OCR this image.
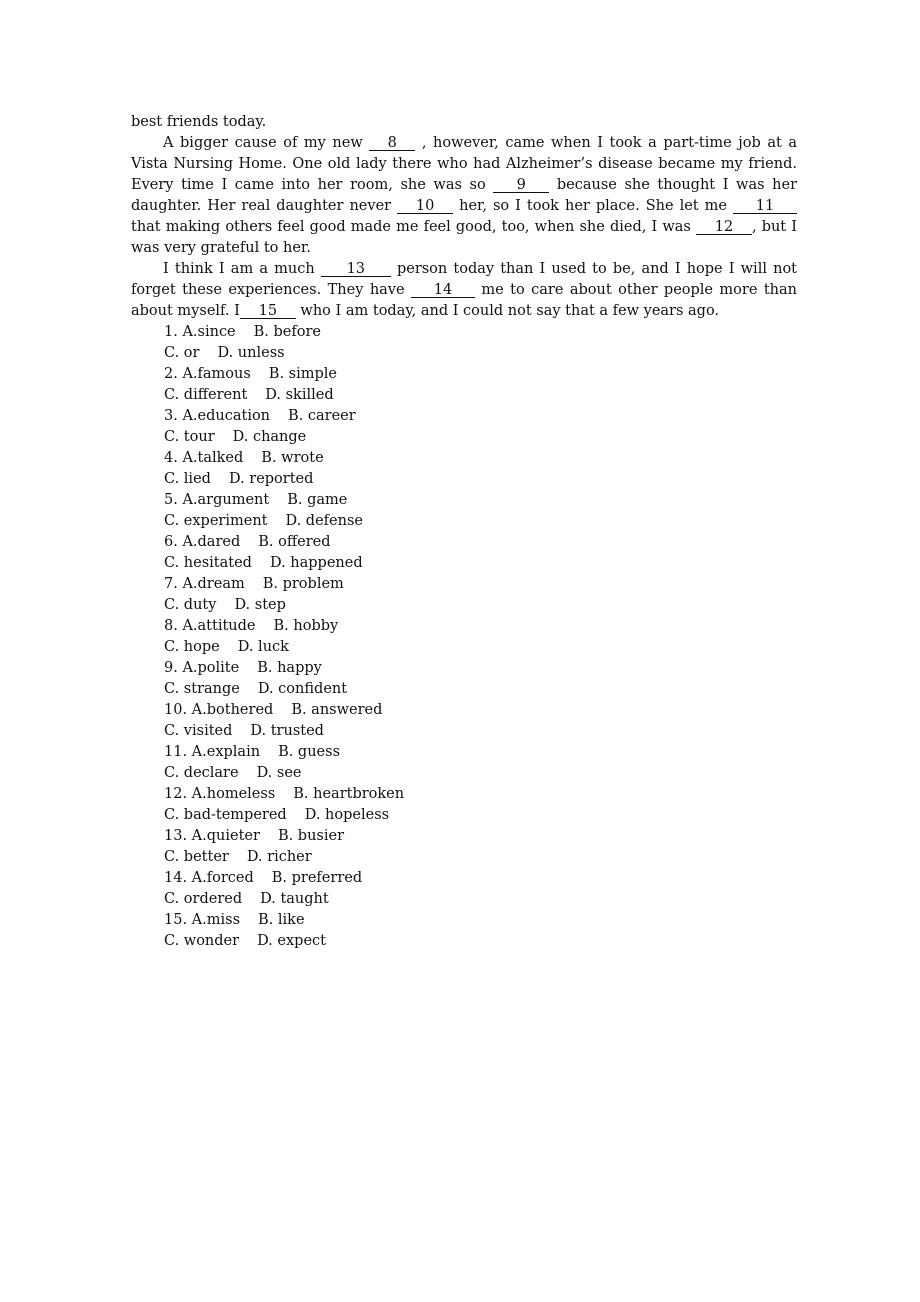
best friends today.
A bigger cause of my new 8 , however, came when I took a part-time job at a Vista Nursing Home. One old lady there who had Alzheimer’s disease became my friend. Every time I came into her room, she was so 9 because she thought I was her daughter. Her real daughter never 10 her, so I took her place. She let me 11 that making others feel good made me feel good, too, when she died, I was 12 , but I was very grateful to her.
I think I am a much 13 person today than I used to be, and I hope I will not forget these experiences. They have 14 me to care about other people more than about myself. I 15 who I am today, and I could not say that a few years ago.
1. A.since B. before
C. or D. unless
2. A.famous B. simple
C. different D. skilled
3. A.education B. career
C. tour D. change
4. A.talked B. wrote
C. lied D. reported
5. A.argument B. game
C. experiment D. defense
6. A.dared B. offered
C. hesitated D. happened
7. A.dream B. problem
C. duty D. step
8. A.attitude B. hobby
C. hope D. luck
9. A.polite B. happy
C. strange D. confident
10. A.bothered B. answered
C. visited D. trusted
11. A.explain B. guess
C. declare D. see
12. A.homeless B. heartbroken
C. bad-tempered D. hopeless
13. A.quieter B. busier
C. better D. richer
14. A.forced B. preferred
C. ordered D. taught
15. A.miss B. like
C. wonder D. expect
